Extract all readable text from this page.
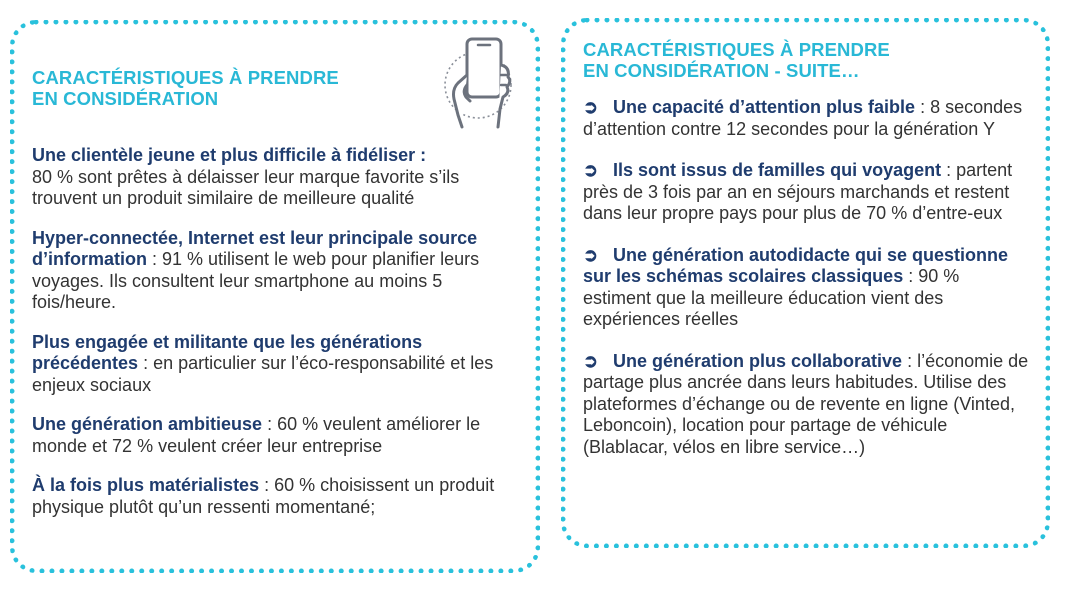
CARACTÉRISTIQUES À PRENDRE
EN CONSIDÉRATION
Une clientèle jeune et plus difficile à fidéliser :
80 % sont prêtes à délaisser leur marque favorite s’ils trouvent un produit similaire de meilleure qualité
Hyper-connectée, Internet est leur principale source d’information : 91 % utilisent le web pour planifier leurs voyages. Ils consultent leur smartphone au moins 5 fois/heure.
Plus engagée et militante que les générations précédentes : en particulier sur l’éco-responsabilité et les enjeux sociaux
Une génération ambitieuse : 60 % veulent améliorer le monde et 72 % veulent créer leur entreprise
À la fois plus matérialistes : 60 % choisissent un produit physique plutôt qu’un ressenti momentané;
CARACTÉRISTIQUES À PRENDRE
EN CONSIDÉRATION - SUITE…
➲ Une capacité d’attention plus faible : 8 secondes d’attention contre 12 secondes pour la génération Y
➲ Ils sont issus de familles qui voyagent : partent près de 3 fois par an en séjours marchands et restent dans leur propre pays pour plus de 70 % d’entre-eux
➲ Une génération autodidacte qui se questionne sur les schémas scolaires classiques : 90 % estiment que la meilleure éducation vient des expériences réelles
➲ Une génération plus collaborative : l’économie de partage plus ancrée dans leurs habitudes. Utilise des plateformes d’échange ou de revente en ligne (Vinted, Leboncoin), location pour partage de véhicule (Blablacar, vélos en libre service…)
